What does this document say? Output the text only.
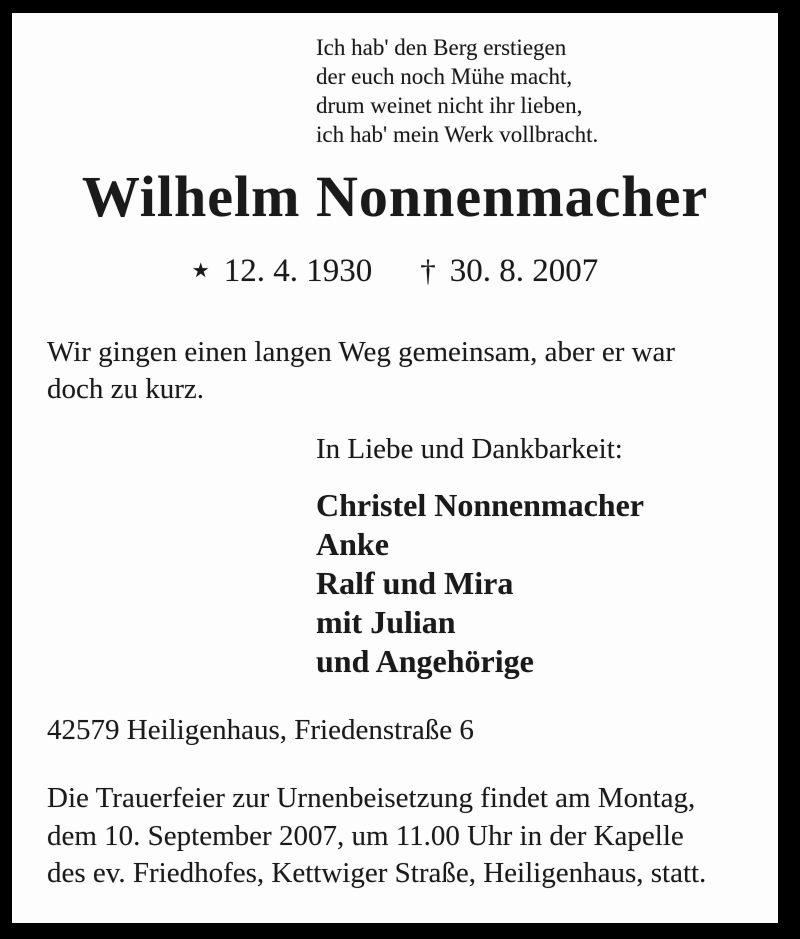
Ich hab' den Berg erstiegen
der euch noch Mühe macht,
drum weinet nicht ihr lieben,
ich hab' mein Werk vollbracht.
Wilhelm Nonnenmacher
★ 12. 4. 1930 † 30. 8. 2007
Wir gingen einen langen Weg gemeinsam, aber er war
doch zu kurz.
In Liebe und Dankbarkeit:
Christel Nonnenmacher
Anke
Ralf und Mira
mit Julian
und Angehörige
42579 Heiligenhaus, Friedenstraße 6
Die Trauerfeier zur Urnenbeisetzung findet am Montag,
dem 10. September 2007, um 11.00 Uhr in der Kapelle
des ev. Friedhofes, Kettwiger Straße, Heiligenhaus, statt.
